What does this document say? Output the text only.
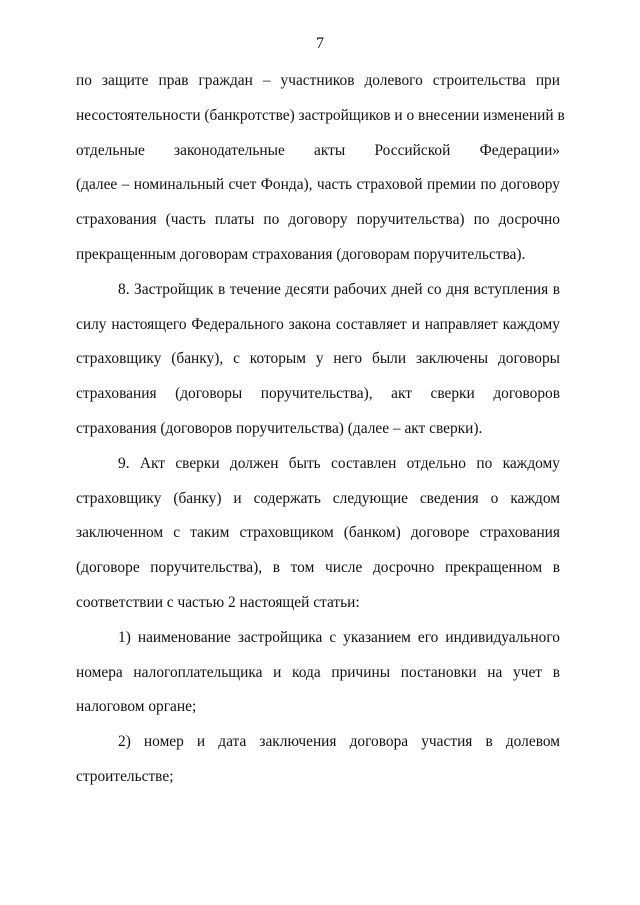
7
по защите прав граждан – участников долевого строительства при
несостоятельности (банкротстве) застройщиков и о внесении изменений в
отдельные законодательные акты Российской Федерации»
(далее – номинальный счет Фонда), часть страховой премии по договору
страхования (часть платы по договору поручительства) по досрочно
прекращенным договорам страхования (договорам поручительства).
8. Застройщик в течение десяти рабочих дней со дня вступления в
силу настоящего Федерального закона составляет и направляет каждому
страховщику (банку), с которым у него были заключены договоры
страхования (договоры поручительства), акт сверки договоров
страхования (договоров поручительства) (далее – акт сверки).
9. Акт сверки должен быть составлен отдельно по каждому
страховщику (банку) и содержать следующие сведения о каждом
заключенном с таким страховщиком (банком) договоре страхования
(договоре поручительства), в том числе досрочно прекращенном в
соответствии с частью 2 настоящей статьи:
1) наименование застройщика с указанием его индивидуального
номера налогоплательщика и кода причины постановки на учет в
налоговом органе;
2) номер и дата заключения договора участия в долевом
строительстве;
